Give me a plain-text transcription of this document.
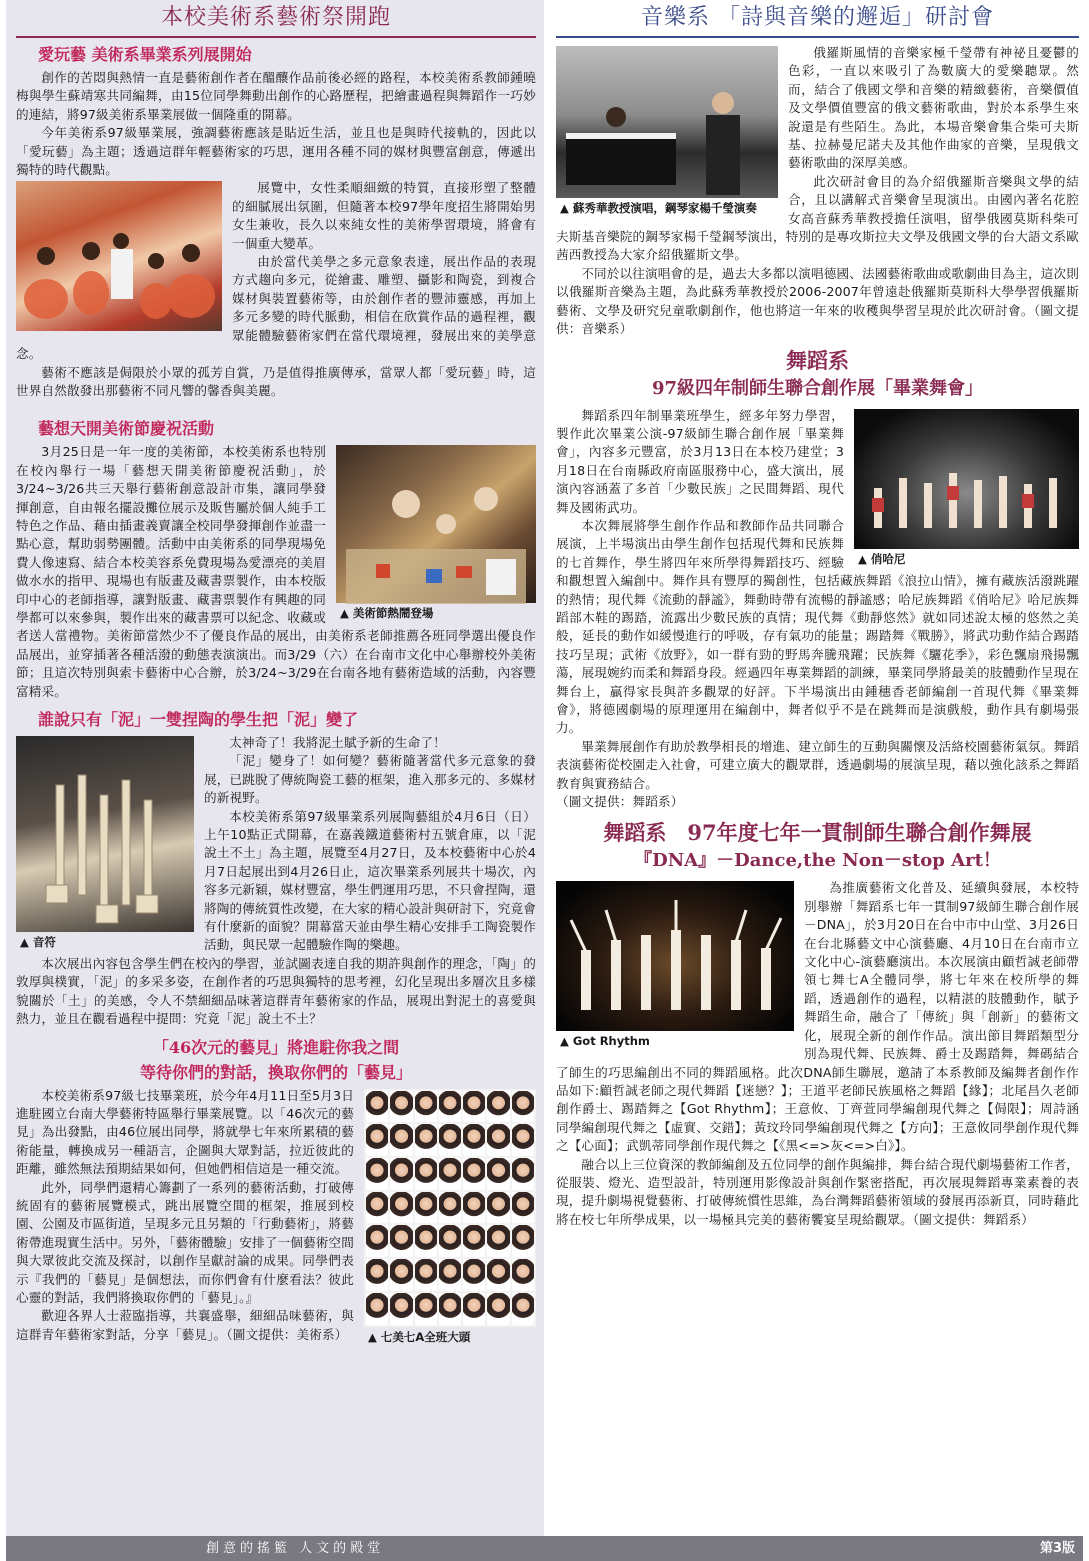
本校美術系藝術祭開跑
愛玩藝 美術系畢業系列展開始

創作的苦悶與熱情一直是藝術創作者在醞釀作品前後必經的路程，本校美術系教師鍾曉梅與學生蘇靖寒共同編舞，由15位同學舞動出創作的心路歷程，把繪畫過程與舞蹈作一巧妙的連結，將97級美術系畢業展做一個隆重的開幕。

今年美術系97級畢業展，強調藝術應該是貼近生活，並且也是與時代接軌的，因此以「愛玩藝」為主題；透過這群年輕藝術家的巧思，運用各種不同的媒材與豐富創意，傳遞出獨特的時代觀點。

展覽中，女性柔順細緻的特質，直接形塑了整體的細膩展出氛圍，但隨著本校97學年度招生將開始男女生兼收，長久以來純女性的美術學習環境，將會有一個重大變革。

由於當代美學之多元意象表達，展出作品的表現方式趨向多元，從繪畫、雕塑、攝影和陶瓷，到複合媒材與裝置藝術等，由於創作者的豐沛靈感，再加上多元多變的時代脈動，相信在欣賞作品的過程裡，觀眾能體驗藝術家們在當代環境裡，發展出來的美學意念。

藝術不應該是侷限於小眾的孤芳自賞，乃是值得推廣傳承，當眾人都「愛玩藝」時，這世界自然散發出那藝術不同凡響的馨香與美麗。

藝想天開美術節慶祝活動
▲ 美術節熱鬧登場

3月25日是一年一度的美術節，本校美術系也特別在校內舉行一場「藝想天開美術節慶祝活動」，於3/24~3/26共三天舉行藝術創意設計市集，讓同學發揮創意，自由報名擺設攤位展示及販售屬於個人純手工特色之作品、藉由插畫義賣讓全校同學發揮創作並盡一點心意，幫助弱勢團體。活動中由美術系的同學現場免費人像速寫、結合本校美容系免費現場為愛漂亮的美眉做水水的指甲、現場也有版畫及藏書票製作，由本校版印中心的老師指導，讓對版畫、藏書票製作有興趣的同學都可以來參與，製作出來的藏書票可以紀念、收藏或者送人當禮物。美術節當然少不了優良作品的展出，由美術系老師推薦各班同學選出優良作品展出，並穿插著各種活潑的動態表演演出。而3/29（六）在台南市文化中心舉辦校外美術節；且這次特別與索卡藝術中心合辦，於3/24~3/29在台南各地有藝術造域的活動，內容豐富精采。

誰說只有「泥」一雙捏陶的學生把「泥」變了
▲ 音符

太神奇了！我將泥土賦予新的生命了！

「泥」變身了！如何變？藝術隨著當代多元意象的發展，已跳脫了傳統陶瓷工藝的框架，進入那多元的、多媒材的新視野。

本校美術系第97級畢業系列展陶藝組於4月6日（日）上午10點正式開幕，在嘉義鐵道藝術村五號倉庫，以「泥說土不土」為主題，展覽至4月27日，及本校藝術中心於4月7日起展出到4月26日止，這次畢業系列展共十場次，內容多元新穎，媒材豐富，學生們運用巧思，不只會捏陶，還將陶的傳統質性改變，在大家的精心設計與研討下，究竟會有什麼新的面貌？開幕當天並由學生精心安排手工陶瓷製作活動，與民眾一起體驗作陶的樂趣。

本次展出內容包含學生們在校內的學習，並試圖表達自我的期許與創作的理念，「陶」的敦厚與樸實，「泥」的多采多姿，在創作者的巧思與獨特的思考裡，幻化呈現出多層次且多樣貌關於「土」的美感，令人不禁細細品味著這群青年藝術家的作品，展現出對泥土的喜愛與熱力，並且在觀看過程中提問：究竟「泥」說土不土？

「46次元的藝見」將進駐你我之間
等待你們的對話，換取你們的「藝見」
▲ 七美七A全班大頭

本校美術系97級七技畢業班，於今年4月11日至5月3日進駐國立台南大學藝術特區舉行畢業展覽。以「46次元的藝見」為出發點，由46位展出同學，將就學七年來所累積的藝術能量，轉換成另一種語言，企圖與大眾對話，拉近彼此的距離，雖然無法預期結果如何，但她們相信這是一種交流。

此外，同學們還精心籌劃了一系列的藝術活動，打破傳統固有的藝術展覽模式，跳出展覽空間的框架，推展到校園、公園及市區街道，呈現多元且另類的「行動藝術」，將藝術帶進現實生活中。另外，「藝術體驗」安排了一個藝術空間與大眾彼此交流及探討，以創作呈獻討論的成果。同學們表示『我們的「藝見」是個想法，而你們會有什麼看法？彼此心靈的對話，我們將換取你們的「藝見」。』

歡迎各界人士蒞臨指導，共襄盛舉，細細品味藝術，與這群青年藝術家對話，分享「藝見」。（圖文提供：美術系）

音樂系 「詩與音樂的邂逅」研討會
▲ 蘇秀華教授演唱，鋼琴家楊千瑩演奏

俄羅斯風情的音樂家極千瑩帶有神祕且憂鬱的色彩，一直以來吸引了為數廣大的愛樂聽眾。然而，結合了俄國文學和音樂的精緻藝術，音樂價值及文學價值豐富的俄文藝術歌曲，對於本系學生來說還是有些陌生。為此，本場音樂會集合柴可夫斯基、拉赫曼尼諾夫及其他作曲家的音樂，呈現俄文藝術歌曲的深厚美感。

此次研討會目的為介紹俄羅斯音樂與文學的結合，且以講解式音樂會呈現演出。由國內著名花腔女高音蘇秀華教授擔任演唱，留學俄國莫斯科柴可夫斯基音樂院的鋼琴家楊千瑩鋼琴演出，特別的是專攻斯拉夫文學及俄國文學的台大語文系歐茜西教授為大家介紹俄羅斯文學。

不同於以往演唱會的是，過去大多都以演唱德國、法國藝術歌曲或歌劇曲目為主，這次則以俄羅斯音樂為主題，為此蘇秀華教授於2006-2007年曾遠赴俄羅斯莫斯科大學學習俄羅斯藝術、文學及研究兒童歌劇創作，他也將這一年來的收穫與學習呈現於此次研討會。（圖文提供：音樂系）

舞蹈系
97級四年制師生聯合創作展「畢業舞會」
▲ 俏哈尼

舞蹈系四年制畢業班學生，經多年努力學習，製作此次畢業公演-97級師生聯合創作展「畢業舞會」，內容多元豐富，於3月13日在本校乃建堂；3月18日在台南縣政府南區服務中心，盛大演出，展演內容涵蓋了多首「少數民族」之民間舞蹈、現代舞及國術武功。

本次舞展將學生創作作品和教師作品共同聯合展演，上半場演出由學生創作包括現代舞和民族舞的七首舞作，學生將四年來所學得舞蹈技巧、經驗和觀想置入編創中。舞作具有豐厚的獨創性，包括藏族舞蹈《浪拉山情》，擁有藏族活潑跳躍的熱情；現代舞《流動的靜謐》，舞動時帶有流暢的靜謐感；哈尼族舞蹈《俏哈尼》哈尼族舞蹈部木鞋的踢踏，流露出少數民族的真情；現代舞《動靜悠然》就如同述說太極的悠然之美般，延長的動作如緩慢進行的呼吸，存有氣功的能量；踢踏舞《戰勝》，將武功動作結合踢踏技巧呈現；武術《放野》，如一群有勁的野馬奔騰飛躍；民族舞《驪花季》，彩色飄扇飛揚飄蕩，展現婉約而柔和舞蹈身段。經過四年專業舞蹈的訓練，畢業同學將最美的肢體動作呈現在舞台上，贏得家長與許多觀眾的好評。下半場演出由鍾穗香老師編創一首現代舞《畢業舞會》，將德國劇場的原理運用在編創中，舞者似乎不是在跳舞而是演戲般，動作具有劇場張力。

畢業舞展創作有助於教學相長的增進、建立師生的互動與關懷及活絡校園藝術氣氛。舞蹈表演藝術從校園走入社會，可建立廣大的觀眾群，透過劇場的展演呈現，藉以強化該系之舞蹈教育與實務結合。

（圖文提供：舞蹈系）

舞蹈系　97年度七年一貫制師生聯合創作舞展
『DNA』－Dance,the Non－stop Art！
▲ Got Rhythm

為推廣藝術文化普及、延續與發展，本校特別舉辦「舞蹈系七年一貫制97級師生聯合創作展－DNA」，於3月20日在台中市中山堂、3月26日在台北縣藝文中心演藝廳、4月10日在台南市立文化中心-演藝廳演出。本次展演由顧哲誠老師帶領七舞七A全體同學，將七年來在校所學的舞蹈，透過創作的過程，以精湛的肢體動作，賦予舞蹈生命，融合了「傳統」與「創新」的藝術文化，展現全新的創作作品。演出節目舞蹈類型分別為現代舞、民族舞、爵士及踢踏舞，舞碼結合了師生的巧思編創出不同的舞蹈風格。此次DNA師生聯展，邀請了本系教師及編舞者創作作品如下:顧哲誠老師之現代舞蹈【迷戀？】；王道平老師民族風格之舞蹈【緣】；北尾昌久老師創作爵士、踢踏舞之【Got Rhythm】；王意攸、丁齊萱同學編創現代舞之【侷限】；周詩涵同學編創現代舞之【虛實、交錯】；黃玟玲同學編創現代舞之【方向】；王意攸同學創作現代舞之【心面】；武凱蒂同學創作現代舞之【《黑<=>灰<=>白》】。

融合以上三位資深的教師編創及五位同學的創作與編排，舞台結合現代劇場藝術工作者，從服裝、燈光、造型設計，特別運用影像設計與創作緊密搭配，再次展現舞蹈專業素養的表現，提升劇場視覺藝術、打破傳統慣性思維，為台灣舞蹈藝術領域的發展再添新頁，同時藉此將在校七年所學成果，以一場極具完美的藝術饗宴呈現給觀眾。（圖文提供：舞蹈系）

創意的搖籃 人文的殿堂	第3版
